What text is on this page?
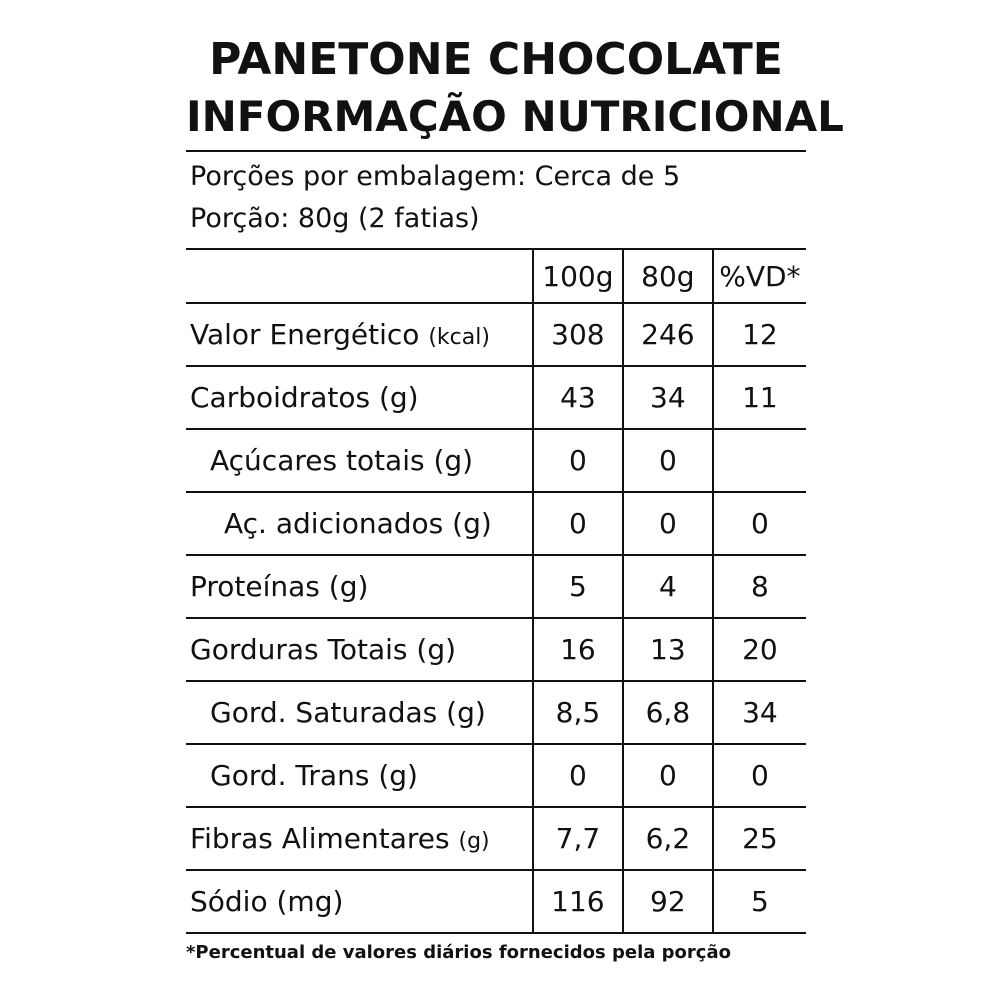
PANETONE CHOCOLATE
INFORMAÇÃO NUTRICIONAL
Porções por embalagem: Cerca de 5
Porção: 80g (2 fatias)
	100g	80g	%VD*
Valor Energético (kcal)	308	246	12
Carboidratos (g)	43	34	11
Açúcares totais (g)	0	0	
Aç. adicionados (g)	0	0	0
Proteínas (g)	5	4	8
Gorduras Totais (g)	16	13	20
Gord. Saturadas (g)	8,5	6,8	34
Gord. Trans (g)	0	0	0
Fibras Alimentares (g)	7,7	6,2	25
Sódio (mg)	116	92	5
*Percentual de valores diários fornecidos pela porção
